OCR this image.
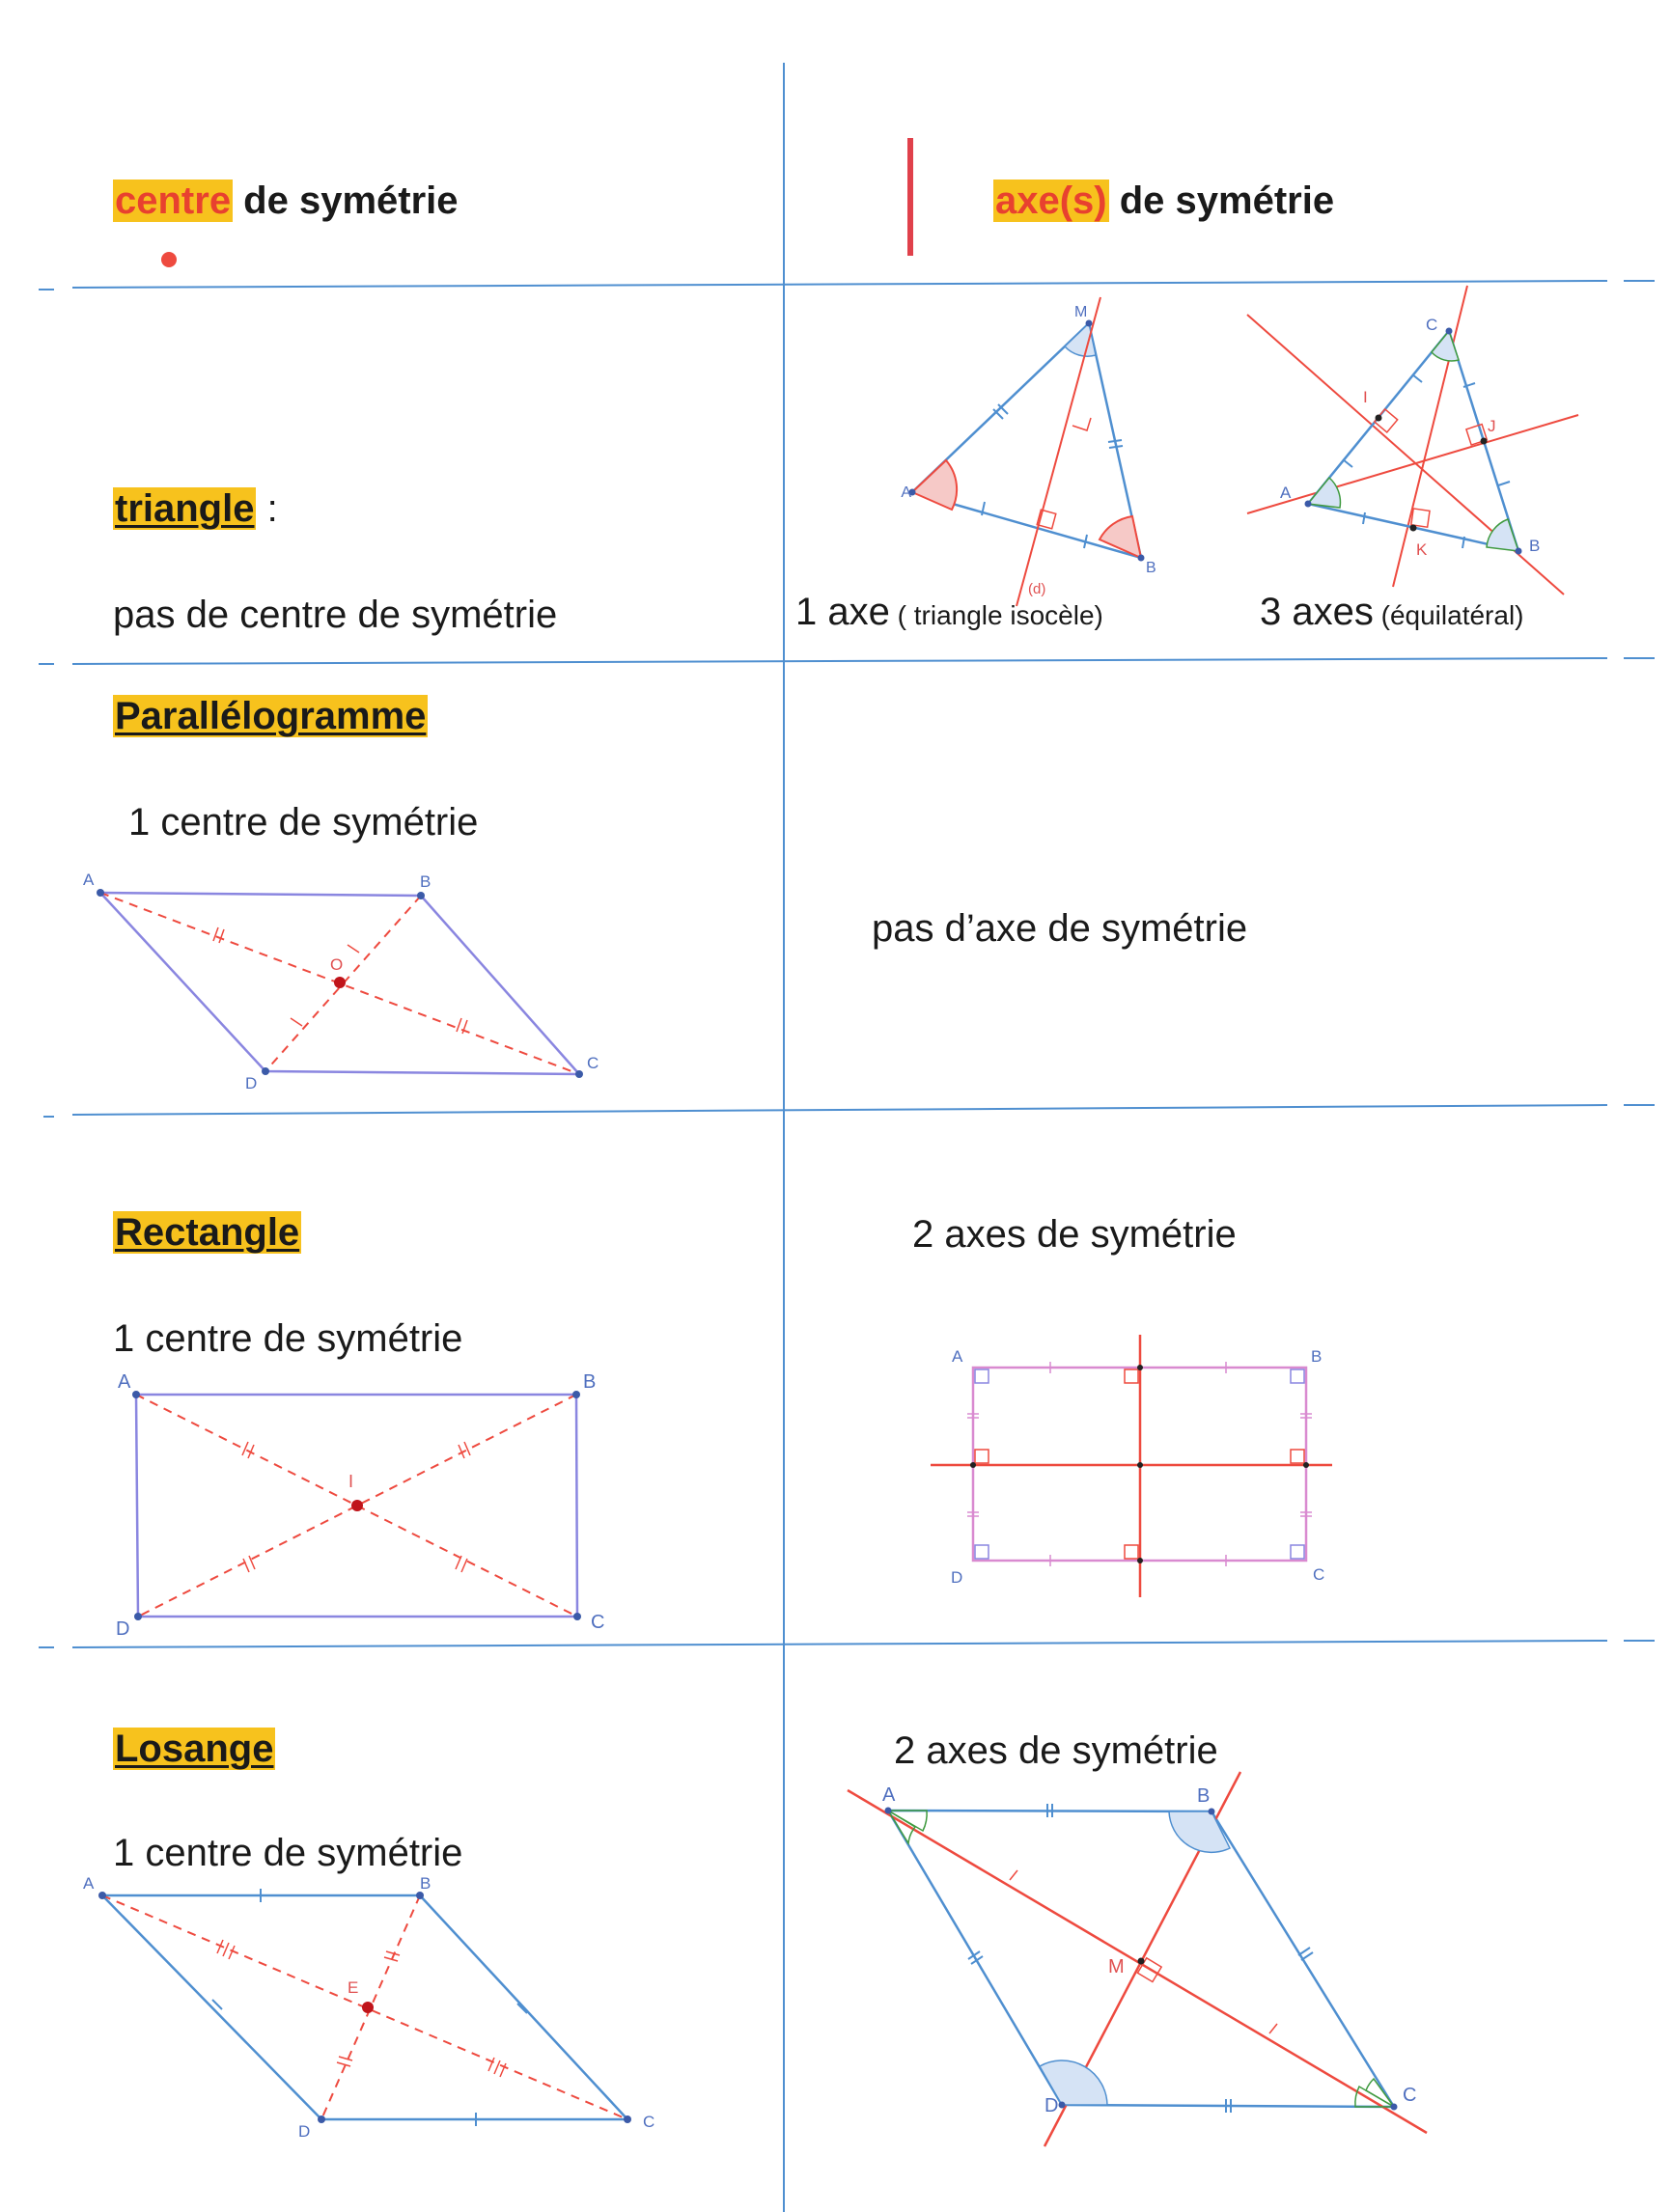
centre de symétrie	axe(s) de symétrie
triangle :
pas de centre de symétrie
M
A
B
(d)
C
A
B
I
J
K
1 axe ( triangle isocèle)	3 axes (équilatéral)
Parallélogramme
1 centre de symétrie
pas d’axe de symétrie
A	B
C
D
O
Rectangle
1 centre de symétrie
2 axes de symétrie
A	B
C
D
I
A	B
C
D
Losange
1 centre de symétrie
2 axes de symétrie
A	B
C
D
E
A	B
C
D
M
